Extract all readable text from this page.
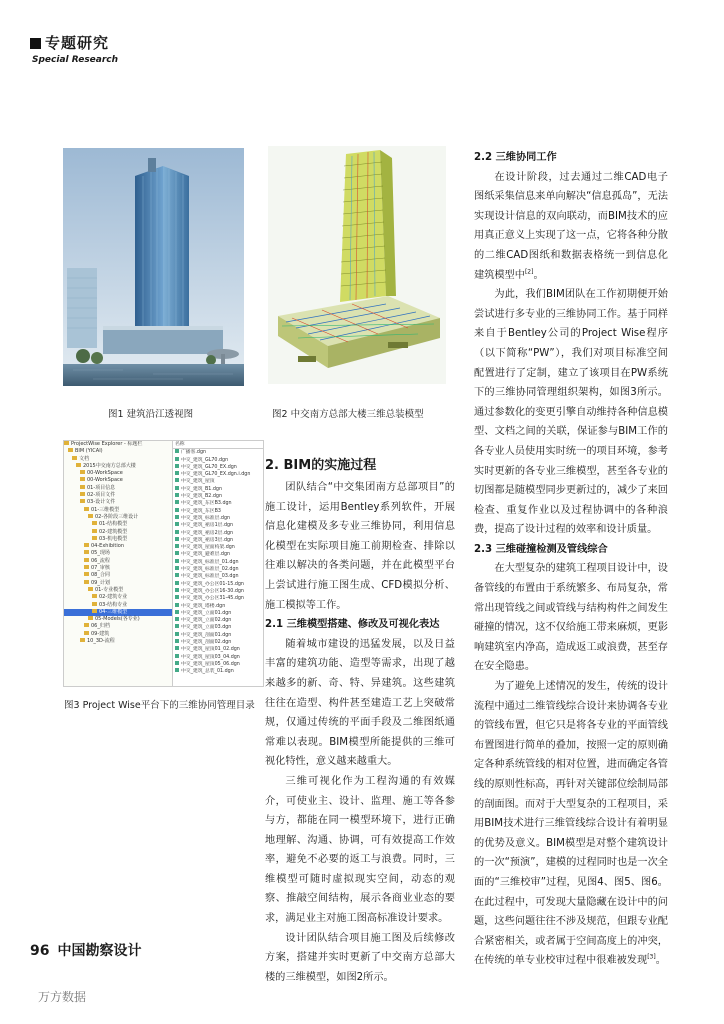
专题研究
Special Research
图1 建筑沿江透视图	图2 中交南方总部大楼三维总装模型
ProjectWise Explorer - 标题栏
BIM (YICAI)
文档
2015中交南方总部大楼
00-WorkSpace
00-WorkSpace
01-项目信息
02-项目文件
03-设计文件
01-三维模型
02-各阶段三维设计
01-结构模型
02-建筑模型
03-机电模型
04-Exhibition
05_现场
06_流程
07_审核
08_合同
09_计划
01-专业模型
02-建筑专业
03-结构专业
04-三维模型
05-Models(各专业)
06_归档
09-建筑
10_3D-流程
名称
广播客.dgn
中交_建筑_GL70.dgn
中交_建筑_GL70_EX.dgn
中交_建筑_GL70_EX.dgn.i.dgn
中交_建筑_屋顶
中交_建筑_B1.dgn
中交_建筑_B2.dgn
中交_建筑_东区B3.dgn
中交_建筑_东区B3
中交_建筑_标准层.dgn
中交_建筑_裙房1层.dgn
中交_建筑_裙房2层.dgn
中交_建筑_裙房3层.dgn
中交_建筑_屋面构架.dgn
中交_建筑_避难层.dgn
中交_建筑_标准层_01.dgn
中交_建筑_标准层_02.dgn
中交_建筑_标准层_03.dgn
中交_建筑_办公区01-15.dgn
中交_建筑_办公区16-30.dgn
中交_建筑_办公区31-45.dgn
中交_建筑_塔楼.dgn
中交_建筑_立面01.dgn
中交_建筑_立面02.dgn
中交_建筑_立面03.dgn
中交_建筑_剖面01.dgn
中交_建筑_剖面02.dgn
中交_建筑_屋顶01_02.dgn
中交_建筑_屋顶03_04.dgn
中交_建筑_屋顶05_06.dgn
中交_建筑_总装_01.dgn
图3 Project Wise平台下的三维协同管理目录
2. BIM的实施过程

团队结合“中交集团南方总部项目”的施工设计，运用Bentley系列软件，开展信息化建模及多专业三维协同，利用信息化模型在实际项目施工前期检查、排除以往难以解决的各类问题，并在此模型平台上尝试进行施工图生成、CFD模拟分析、施工模拟等工作。

2.1 三维模型搭建、修改及可视化表达

随着城市建设的迅猛发展，以及日益丰富的建筑功能、造型等需求，出现了越来越多的新、奇、特、异建筑。这些建筑往往在造型、构件甚至建造工艺上突破常规，仅通过传统的平面手段及二维图纸通常难以表现。BIM模型所能提供的三维可视化特性，意义越来越重大。

三维可视化作为工程沟通的有效媒介，可使业主、设计、监理、施工等各参与方，都能在同一模型环境下，进行正确地理解、沟通、协调，可有效提高工作效率，避免不必要的返工与浪费。同时，三维模型可随时虚拟现实空间，动态的观察、推敲空间结构，展示各商业业态的要求，满足业主对施工图高标准设计要求。

设计团队结合项目施工图及后续修改方案，搭建并实时更新了中交南方总部大楼的三维模型，如图2所示。

2.2 三维协同工作

在设计阶段，过去通过二维CAD电子图纸采集信息来单向解决“信息孤岛”，无法实现设计信息的双向联动，而BIM技术的应用真正意义上实现了这一点，它将各种分散的二维CAD图纸和数据表格统一到信息化建筑模型中[2]。

为此，我们BIM团队在工作初期便开始尝试进行多专业的三维协同工作。基于同样来自于Bentley公司的Project Wise程序（以下简称“PW”），我们对项目标准空间配置进行了定制，建立了该项目在PW系统下的三维协同管理组织架构，如图3所示。通过参数化的变更引擎自动维持各种信息模型、文档之间的关联，保证参与BIM工作的各专业人员使用实时统一的项目环境，参考实时更新的各专业三维模型，甚至各专业的切图都是随模型同步更新过的，减少了来回检查、重复作业以及过程协调中的各种浪费，提高了设计过程的效率和设计质量。

2.3 三维碰撞检测及管线综合

在大型复杂的建筑工程项目设计中，设备管线的布置由于系统繁多、布局复杂，常常出现管线之间或管线与结构构件之间发生碰撞的情况，这不仅给施工带来麻烦，更影响建筑室内净高，造成返工或浪费，甚至存在安全隐患。

为了避免上述情况的发生，传统的设计流程中通过二维管线综合设计来协调各专业的管线布置，但它只是将各专业的平面管线布置图进行简单的叠加，按照一定的原则确定各种系统管线的相对位置，进而确定各管线的原则性标高，再针对关键部位绘制局部的剖面图。而对于大型复杂的工程项目，采用BIM技术进行三维管线综合设计有着明显的优势及意义。BIM模型是对整个建筑设计的一次“预演”，建模的过程同时也是一次全面的“三维校审”过程，见图4、图5、图6。在此过程中，可发现大量隐藏在设计中的问题，这些问题往往不涉及规范，但跟专业配合紧密相关，或者属于空间高度上的冲突，在传统的单专业校审过程中很难被发现[3]。

96 中国勘察设计
万方数据
